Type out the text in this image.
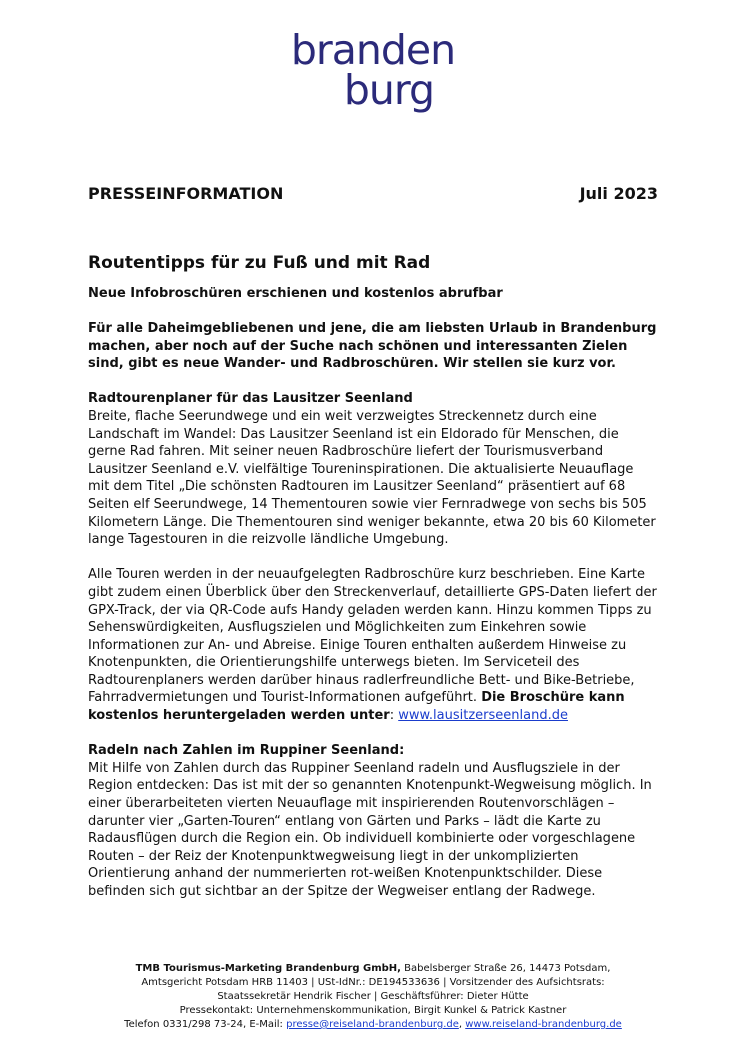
branden
burg
PRESSEINFORMATION	Juli 2023
Routentipps für zu Fuß und mit Rad
Neue Infobroschüren erschienen und kostenlos abrufbar

Für alle Daheimgebliebenen und jene, die am liebsten Urlaub in Brandenburg machen, aber noch auf der Suche nach schönen und interessanten Zielen sind, gibt es neue Wander- und Radbroschüren. Wir stellen sie kurz vor.

Radtourenplaner für das Lausitzer Seenland
Breite, flache Seerundwege und ein weit verzweigtes Streckennetz durch eine Landschaft im Wandel: Das Lausitzer Seenland ist ein Eldorado für Menschen, die gerne Rad fahren. Mit seiner neuen Radbroschüre liefert der Tourismusverband Lausitzer Seenland e.V. vielfältige Toureninspirationen. Die aktualisierte Neuauflage mit dem Titel „Die schönsten Radtouren im Lausitzer Seenland“ präsentiert auf 68 Seiten elf Seerundwege, 14 Thementouren sowie vier Fernradwege von sechs bis 505 Kilometern Länge. Die Thementouren sind weniger bekannte, etwa 20 bis 60 Kilometer lange Tagestouren in die reizvolle ländliche Umgebung.

Alle Touren werden in der neuaufgelegten Radbroschüre kurz beschrieben. Eine Karte gibt zudem einen Überblick über den Streckenverlauf, detaillierte GPS-Daten liefert der GPX-Track, der via QR-Code aufs Handy geladen werden kann. Hinzu kommen Tipps zu Sehenswürdigkeiten, Ausflugszielen und Möglichkeiten zum Einkehren sowie Informationen zur An- und Abreise. Einige Touren enthalten außerdem Hinweise zu Knotenpunkten, die Orientierungshilfe unterwegs bieten. Im Serviceteil des Radtourenplaners werden darüber hinaus radlerfreundliche Bett- und Bike-Betriebe, Fahrradvermietungen und Tourist-Informationen aufgeführt. Die Broschüre kann kostenlos heruntergeladen werden unter: www.lausitzerseenland.de

Radeln nach Zahlen im Ruppiner Seenland:
Mit Hilfe von Zahlen durch das Ruppiner Seenland radeln und Ausflugsziele in der Region entdecken: Das ist mit der so genannten Knotenpunkt-Wegweisung möglich. In einer überarbeiteten vierten Neuauflage mit inspirierenden Routenvorschlägen – darunter vier „Garten-Touren“ entlang von Gärten und Parks – lädt die Karte zu Radausflügen durch die Region ein. Ob individuell kombinierte oder vorgeschlagene Routen – der Reiz der Knotenpunktwegweisung liegt in der unkomplizierten Orientierung anhand der nummerierten rot-weißen Knotenpunktschilder. Diese befinden sich gut sichtbar an der Spitze der Wegweiser entlang der Radwege.

TMB Tourismus-Marketing Brandenburg GmbH, Babelsberger Straße 26, 14473 Potsdam,
Amtsgericht Potsdam HRB 11403 | USt-IdNr.: DE194533636 | Vorsitzender des Aufsichtsrats:
Staatssekretär Hendrik Fischer | Geschäftsführer: Dieter Hütte
Pressekontakt: Unternehmenskommunikation, Birgit Kunkel & Patrick Kastner
Telefon 0331/298 73-24, E-Mail: presse@reiseland-brandenburg.de, www.reiseland-brandenburg.de
